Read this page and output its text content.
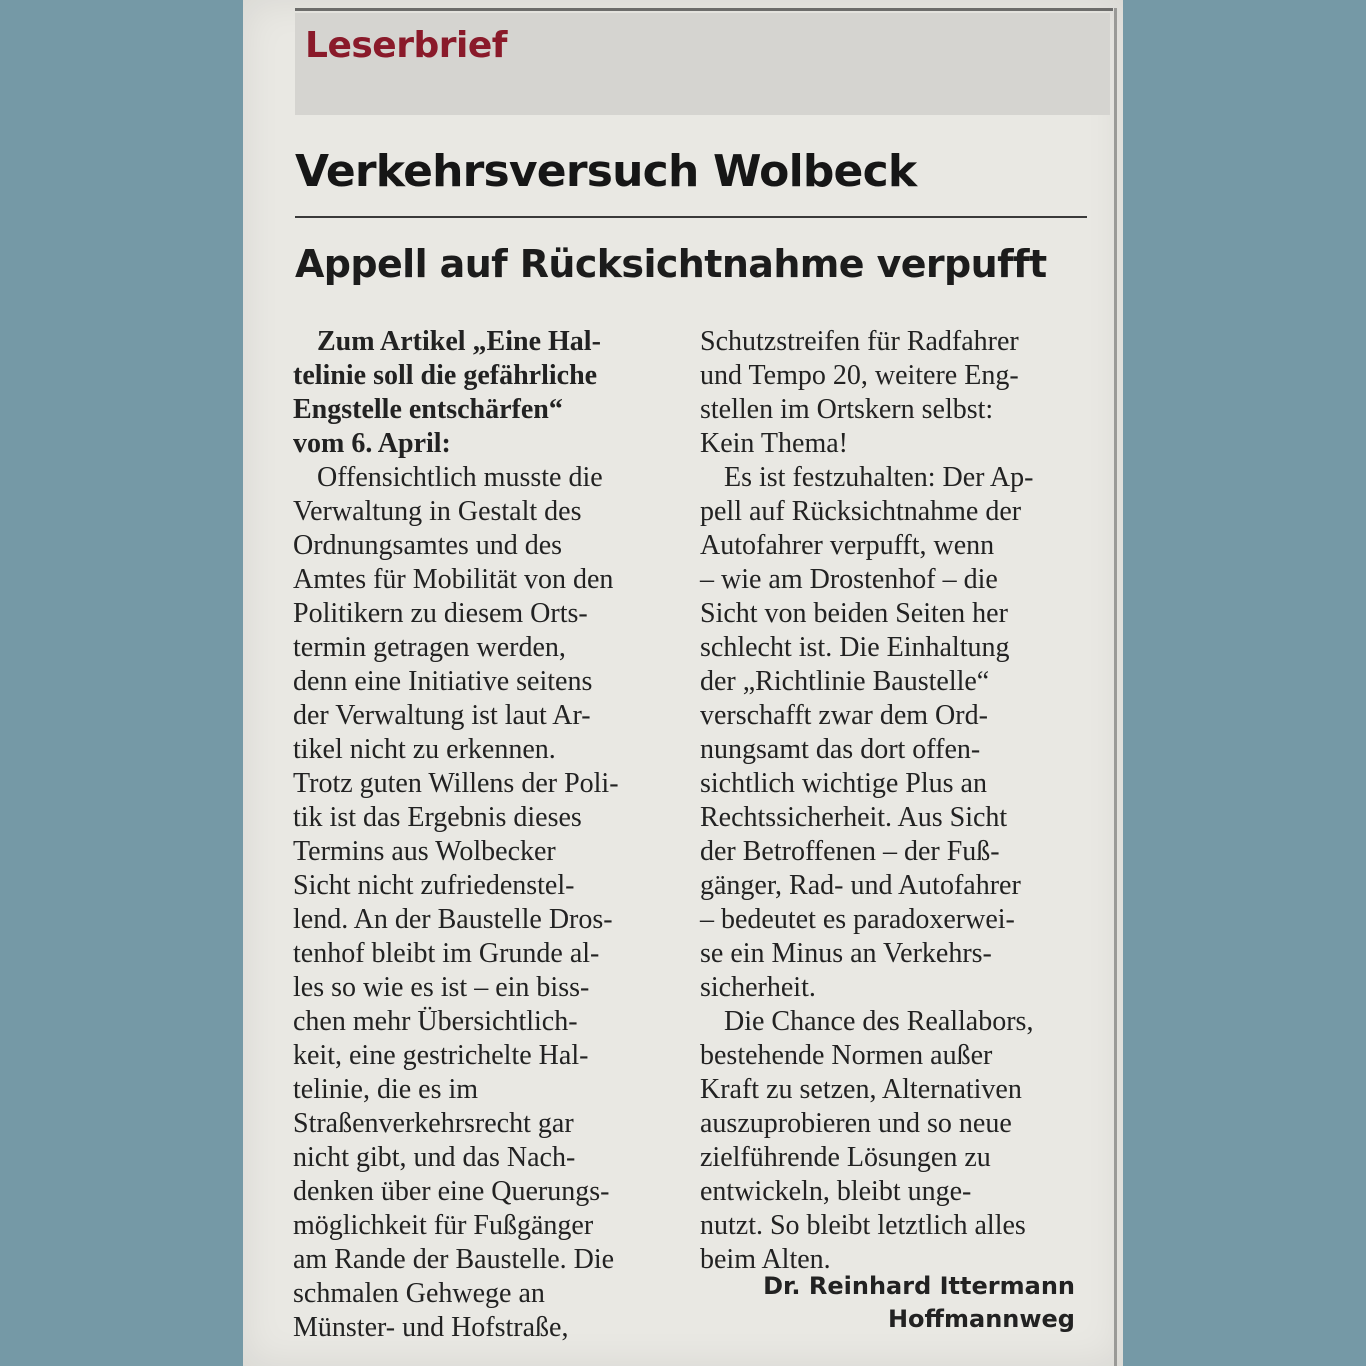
Leserbrief
Verkehrsversuch Wolbeck
Appell auf Rücksichtnahme verpufft
Zum Artikel „Eine Hal-
telinie soll die gefährliche
Engstelle entschärfen“
vom 6. April:
Offensichtlich musste die
Verwaltung in Gestalt des
Ordnungsamtes und des
Amtes für Mobilität von den
Politikern zu diesem Orts-
termin getragen werden,
denn eine Initiative seitens
der Verwaltung ist laut Ar-
tikel nicht zu erkennen.
Trotz guten Willens der Poli-
tik ist das Ergebnis dieses
Termins aus Wolbecker
Sicht nicht zufriedenstel-
lend. An der Baustelle Dros-
tenhof bleibt im Grunde al-
les so wie es ist – ein biss-
chen mehr Übersichtlich-
keit, eine gestrichelte Hal-
telinie, die es im
Straßenverkehrsrecht gar
nicht gibt, und das Nach-
denken über eine Querungs-
möglichkeit für Fußgänger
am Rande der Baustelle. Die
schmalen Gehwege an
Münster- und Hofstraße,
Schutzstreifen für Radfahrer
und Tempo 20, weitere Eng-
stellen im Ortskern selbst:
Kein Thema!
Es ist festzuhalten: Der Ap-
pell auf Rücksichtnahme der
Autofahrer verpufft, wenn
– wie am Drostenhof – die
Sicht von beiden Seiten her
schlecht ist. Die Einhaltung
der „Richtlinie Baustelle“
verschafft zwar dem Ord-
nungsamt das dort offen-
sichtlich wichtige Plus an
Rechtssicherheit. Aus Sicht
der Betroffenen – der Fuß-
gänger, Rad- und Autofahrer
– bedeutet es paradoxerwei-
se ein Minus an Verkehrs-
sicherheit.
Die Chance des Reallabors,
bestehende Normen außer
Kraft zu setzen, Alternativen
auszuprobieren und so neue
zielführende Lösungen zu
entwickeln, bleibt unge-
nutzt. So bleibt letztlich alles
beim Alten.
Dr. Reinhard Ittermann
Hoffmannweg
